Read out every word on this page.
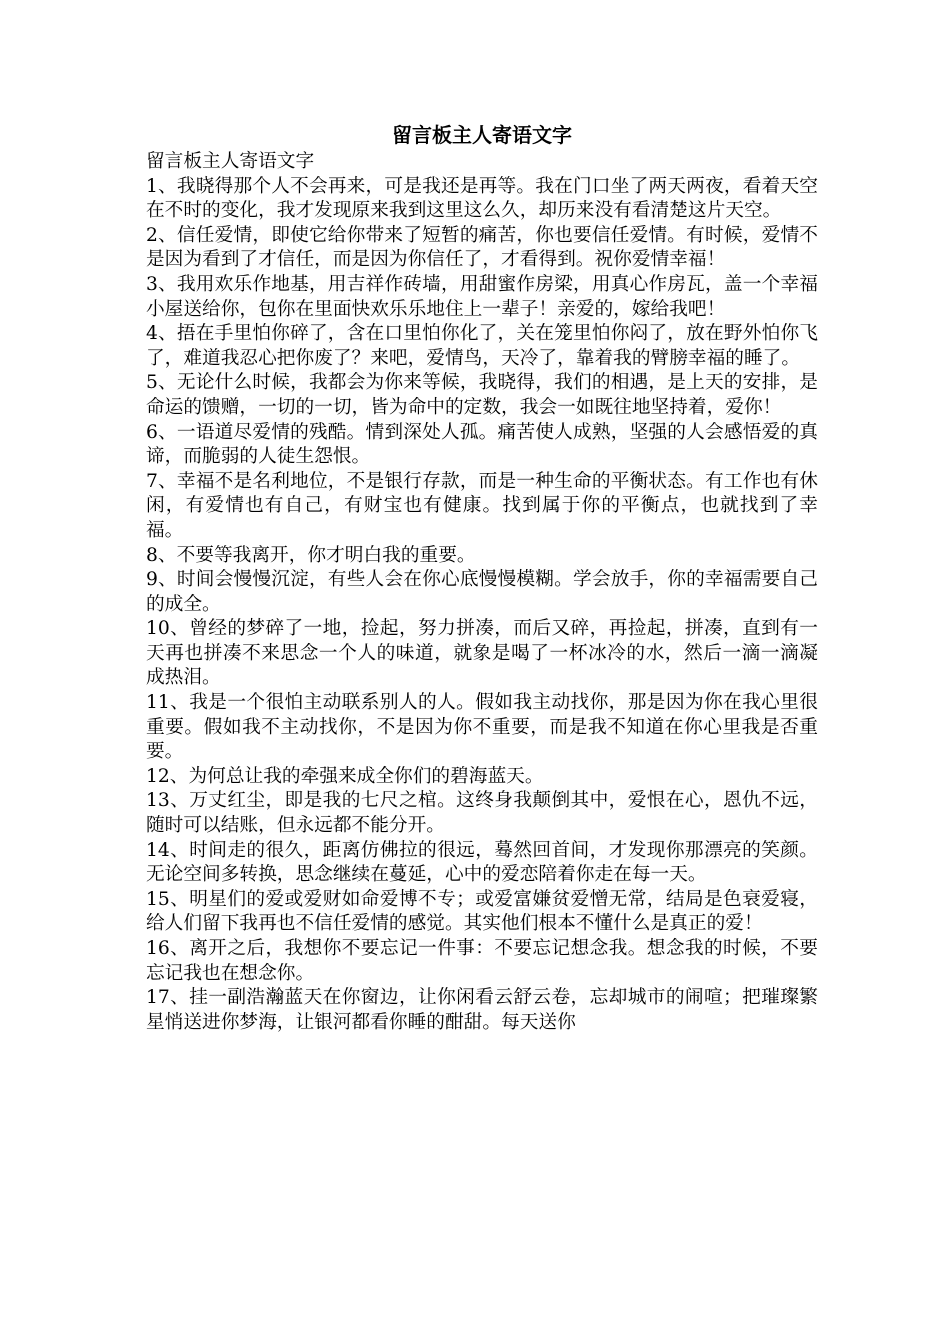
留言板主人寄语文字

留言板主人寄语文字

1、我晓得那个人不会再来，可是我还是再等。我在门口坐了两天两夜，看着天空在不时的变化，我才发现原来我到这里这么久，却历来没有看清楚这片天空。

2、信任爱情，即使它给你带来了短暂的痛苦，你也要信任爱情。有时候，爱情不是因为看到了才信任，而是因为你信任了，才看得到。祝你爱情幸福！

3、我用欢乐作地基，用吉祥作砖墙，用甜蜜作房梁，用真心作房瓦，盖一个幸福小屋送给你，包你在里面快欢乐乐地住上一辈子！亲爱的，嫁给我吧！

4、捂在手里怕你碎了，含在口里怕你化了，关在笼里怕你闷了，放在野外怕你飞了，难道我忍心把你废了？来吧，爱情鸟，天冷了，靠着我的臂膀幸福的睡了。

5、无论什么时候，我都会为你来等候，我晓得，我们的相遇，是上天的安排，是命运的馈赠，一切的一切，皆为命中的定数，我会一如既往地坚持着，爱你！

6、一语道尽爱情的残酷。情到深处人孤。痛苦使人成熟，坚强的人会感悟爱的真谛，而脆弱的人徒生怨恨。

7、幸福不是名利地位，不是银行存款，而是一种生命的平衡状态。有工作也有休闲，有爱情也有自己，有财宝也有健康。找到属于你的平衡点，也就找到了幸福。

8、不要等我离开，你才明白我的重要。

9、时间会慢慢沉淀，有些人会在你心底慢慢模糊。学会放手，你的幸福需要自己的成全。

10、曾经的梦碎了一地，捡起，努力拼凑，而后又碎，再捡起，拼凑，直到有一天再也拼凑不来思念一个人的味道，就象是喝了一杯冰冷的水，然后一滴一滴凝成热泪。

11、我是一个很怕主动联系别人的人。假如我主动找你，那是因为你在我心里很重要。假如我不主动找你，不是因为你不重要，而是我不知道在你心里我是否重要。

12、为何总让我的牵强来成全你们的碧海蓝天。

13、万丈红尘，即是我的七尺之棺。这终身我颠倒其中，爱恨在心，恩仇不远，随时可以结账，但永远都不能分开。

14、时间走的很久，距离仿佛拉的很远，蓦然回首间，才发现你那漂亮的笑颜。无论空间多转换，思念继续在蔓延，心中的爱恋陪着你走在每一天。

15、明星们的爱或爱财如命爱博不专；或爱富嫌贫爱憎无常，结局是色衰爱寝，给人们留下我再也不信任爱情的感觉。其实他们根本不懂什么是真正的爱！

16、离开之后，我想你不要忘记一件事：不要忘记想念我。想念我的时候，不要忘记我也在想念你。

17、挂一副浩瀚蓝天在你窗边，让你闲看云舒云卷，忘却城市的闹喧；把璀璨繁星悄送进你梦海，让银河都看你睡的酣甜。每天送你
